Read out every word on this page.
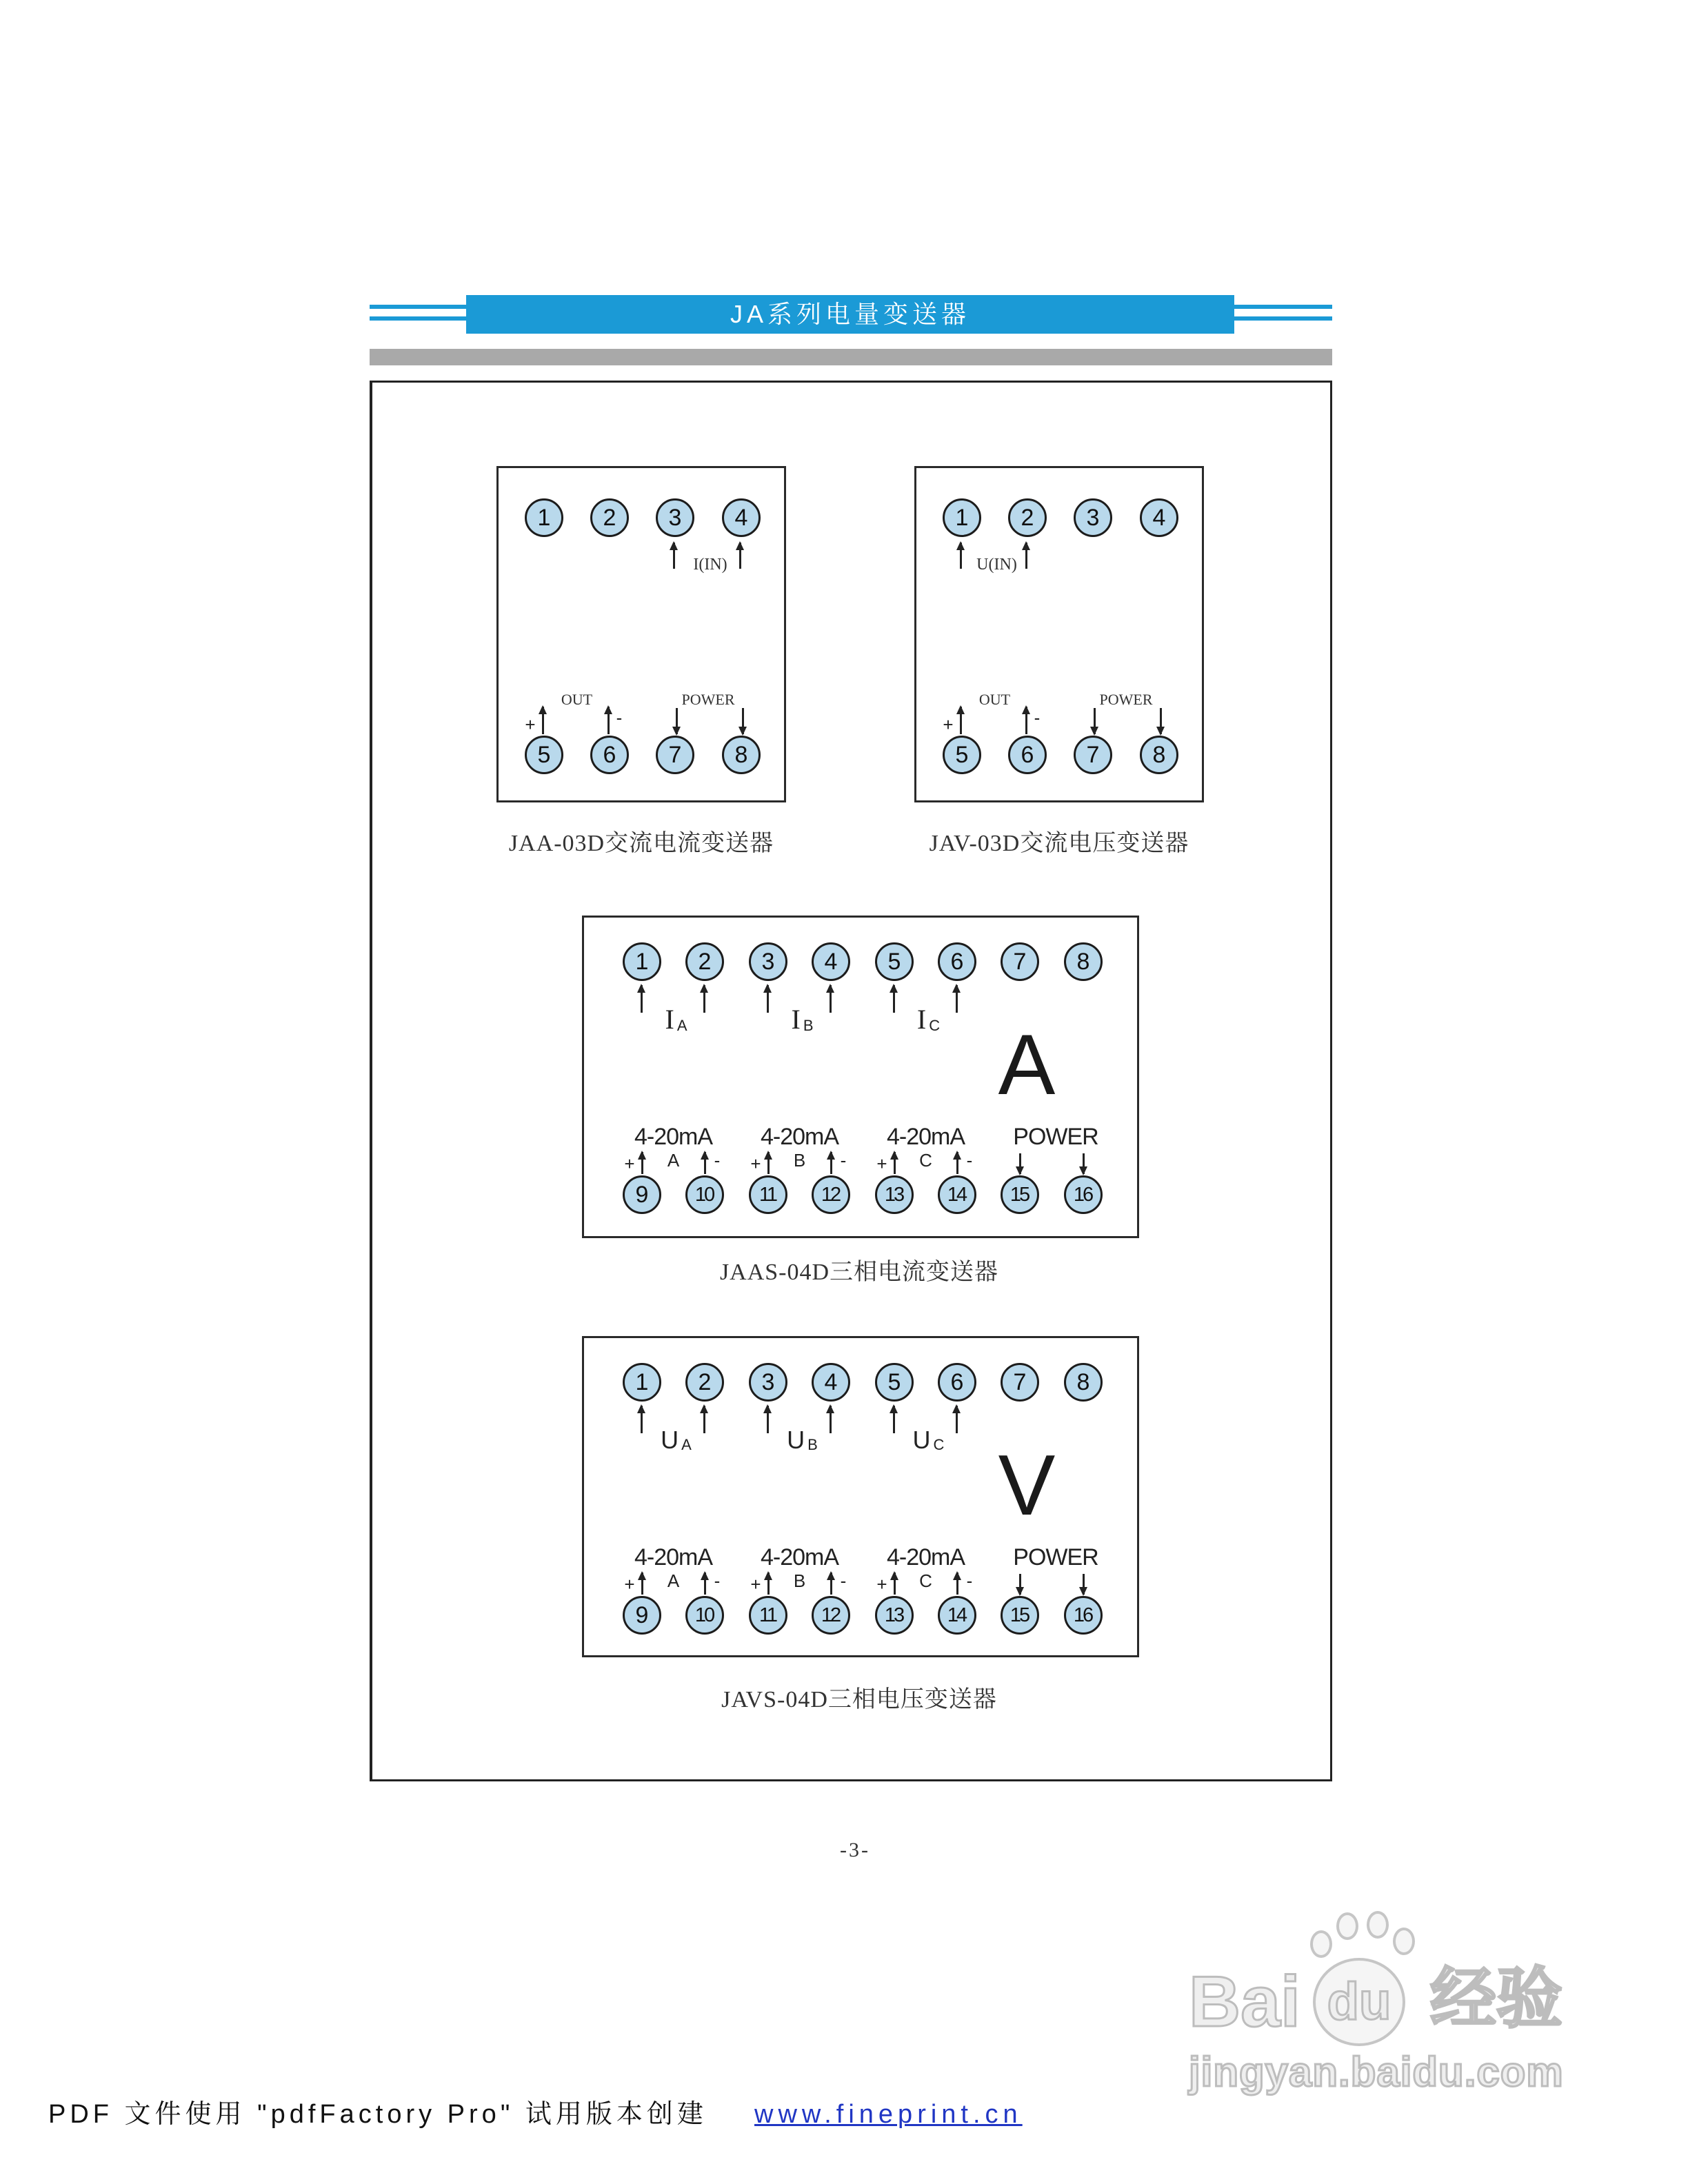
JA系列电量变送器
1	2	3	4
5	6	7	8
I(IN)
OUT
+	-
POWER
JAA-03D交流电流变送器
1	2	3	4
5	6	7	8
U(IN)
OUT
+	-
POWER
JAV-03D交流电压变送器
1	2	3	4	5	6	7	8
9	10	11	12	13	14	15	16
I A	I B	I C A
4-20mA
+ A -
4-20mA
+ B -
4-20mA
+ C -
POWER
JAAS-04D三相电流变送器
1	2	3	4	5	6	7	8
9	10	11	12	13	14	15	16
U A	U B	U C V
4-20mA
+ A -
4-20mA
+ B -
4-20mA
+ C -
POWER
JAVS-04D三相电压变送器
-3-
Bai du 经验
jingyan.baidu.com
PDF 文件使用 "pdfFactory Pro" 试用版本创建 www.fineprint.cn
